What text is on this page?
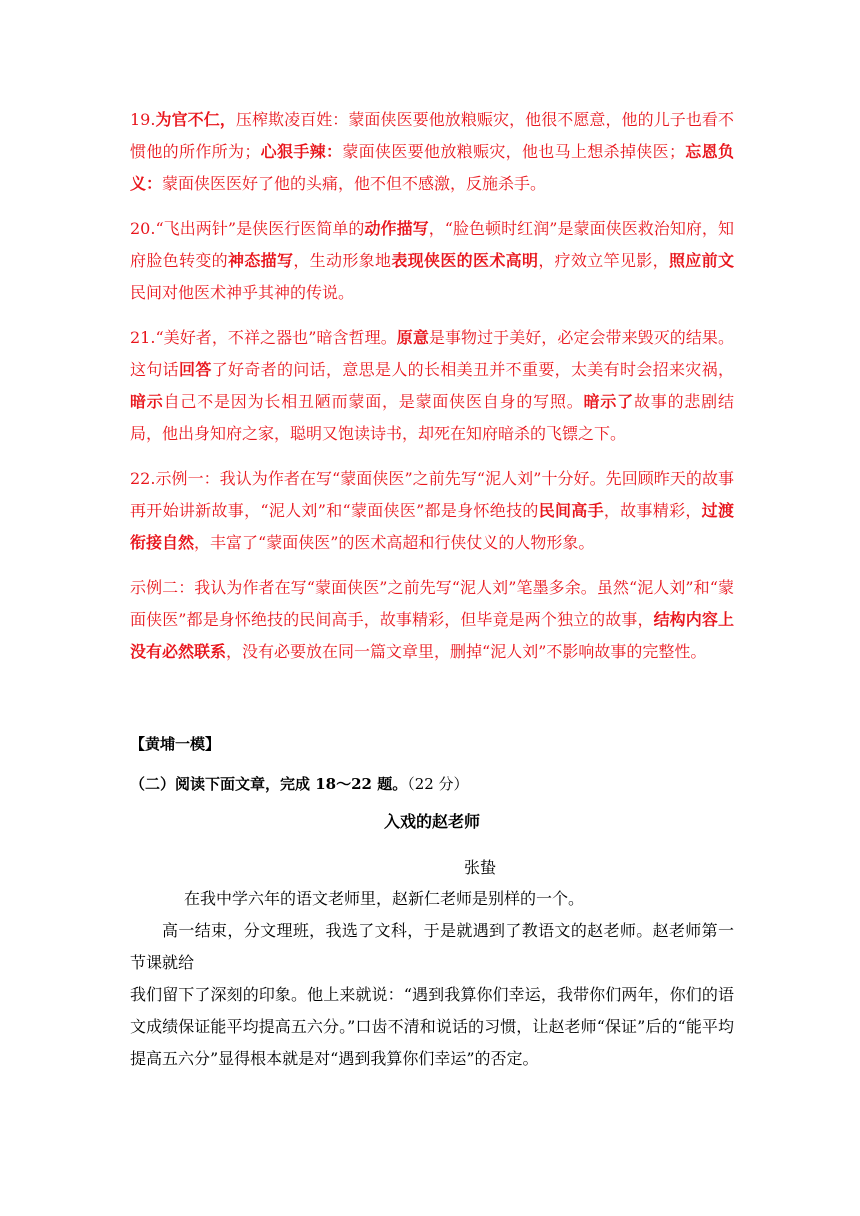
19.为官不仁，压榨欺凌百姓：蒙面侠医要他放粮赈灾，他很不愿意，他的儿子也看不惯他的所作所为；心狠手辣：蒙面侠医要他放粮赈灾，他也马上想杀掉侠医；忘恩负义：蒙面侠医医好了他的头痛，他不但不感激，反施杀手。

20.“飞出两针”是侠医行医简单的动作描写，“脸色顿时红润”是蒙面侠医救治知府，知府脸色转变的神态描写，生动形象地表现侠医的医术高明，疗效立竿见影，照应前文民间对他医术神乎其神的传说。

21.“美好者，不祥之器也”暗含哲理。原意是事物过于美好，必定会带来毁灭的结果。这句话回答了好奇者的问话，意思是人的长相美丑并不重要，太美有时会招来灾祸，暗示自己不是因为长相丑陋而蒙面，是蒙面侠医自身的写照。暗示了故事的悲剧结局，他出身知府之家，聪明又饱读诗书，却死在知府暗杀的飞镖之下。

22.示例一：我认为作者在写“蒙面侠医”之前先写“泥人刘”十分好。先回顾昨天的故事再开始讲新故事，“泥人刘”和“蒙面侠医”都是身怀绝技的民间高手，故事精彩，过渡衔接自然，丰富了“蒙面侠医”的医术高超和行侠仗义的人物形象。

示例二：我认为作者在写“蒙面侠医”之前先写“泥人刘”笔墨多余。虽然“泥人刘”和“蒙面侠医”都是身怀绝技的民间高手，故事精彩，但毕竟是两个独立的故事，结构内容上没有必然联系，没有必要放在同一篇文章里，删掉“泥人刘”不影响故事的完整性。

【黄埔一模】

（二）阅读下面文章，完成 18～22 题。（22 分）

入戏的赵老师

张蛰

在我中学六年的语文老师里，赵新仁老师是别样的一个。

高一结束，分文理班，我选了文科，于是就遇到了教语文的赵老师。赵老师第一节课就给

我们留下了深刻的印象。他上来就说：“遇到我算你们幸运，我带你们两年，你们的语文成绩保证能平均提高五六分。”口齿不清和说话的习惯，让赵老师“保证”后的“能平均提高五六分”显得根本就是对“遇到我算你们幸运”的否定。
